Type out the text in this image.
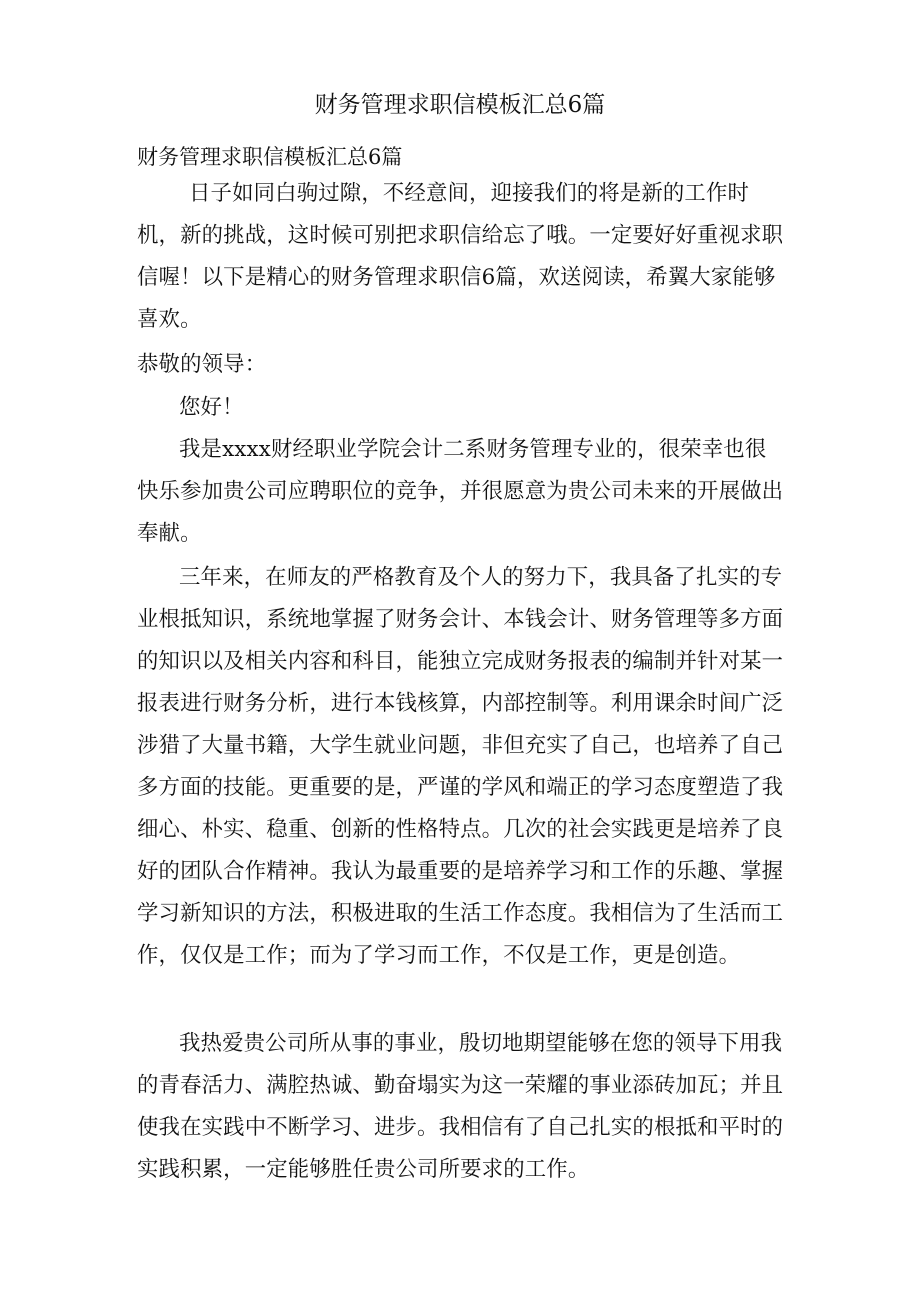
财务管理求职信模板汇总6篇
财务管理求职信模板汇总6篇

日子如同白驹过隙，不经意间，迎接我们的将是新的工作时机，新的挑战，这时候可别把求职信给忘了哦。一定要好好重视求职信喔！以下是精心的财务管理求职信6篇，欢送阅读，希翼大家能够喜欢。

恭敬的领导：

您好！

我是xxxx财经职业学院会计二系财务管理专业的，很荣幸也很快乐参加贵公司应聘职位的竞争，并很愿意为贵公司未来的开展做出奉献。

三年来，在师友的严格教育及个人的努力下，我具备了扎实的专业根抵知识，系统地掌握了财务会计、本钱会计、财务管理等多方面的知识以及相关内容和科目，能独立完成财务报表的编制并针对某一报表进行财务分析，进行本钱核算，内部控制等。利用课余时间广泛涉猎了大量书籍，大学生就业问题，非但充实了自己，也培养了自己多方面的技能。更重要的是，严谨的学风和端正的学习态度塑造了我细心、朴实、稳重、创新的性格特点。几次的社会实践更是培养了良好的团队合作精神。我认为最重要的是培养学习和工作的乐趣、掌握学习新知识的方法，积极进取的生活工作态度。我相信为了生活而工作，仅仅是工作；而为了学习而工作，不仅是工作，更是创造。

我热爱贵公司所从事的事业，殷切地期望能够在您的领导下用我的青春活力、满腔热诚、勤奋塌实为这一荣耀的事业添砖加瓦；并且使我在实践中不断学习、进步。我相信有了自己扎实的根抵和平时的实践积累，一定能够胜任贵公司所要求的工作。
